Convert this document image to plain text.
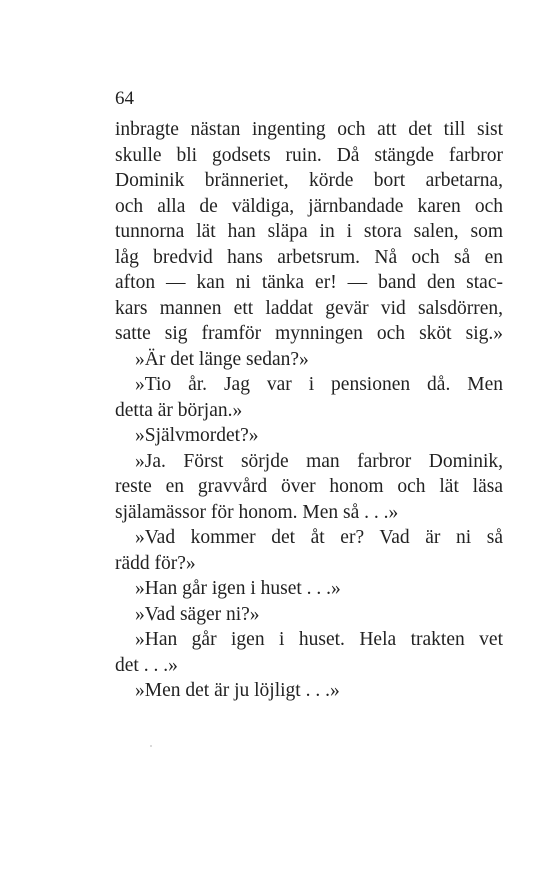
64
inbragte nästan ingenting och att det till sist
skulle bli godsets ruin. Då stängde farbror
Dominik bränneriet, körde bort arbetarna,
och alla de väldiga, järnbandade karen och
tunnorna lät han släpa in i stora salen, som
låg bredvid hans arbetsrum. Nå och så en
afton — kan ni tänka er! — band den stac-
kars mannen ett laddat gevär vid salsdörren,
satte sig framför mynningen och sköt sig.»
»Är det länge sedan?»
»Tio år. Jag var i pensionen då. Men
detta är början.»
»Självmordet?»
»Ja. Först sörjde man farbror Dominik,
reste en gravvård över honom och lät läsa
själamässor för honom. Men så . . .»
»Vad kommer det åt er? Vad är ni så
rädd för?»
»Han går igen i huset . . .»
»Vad säger ni?»
»Han går igen i huset. Hela trakten vet
det . . .»
»Men det är ju löjligt . . .»
